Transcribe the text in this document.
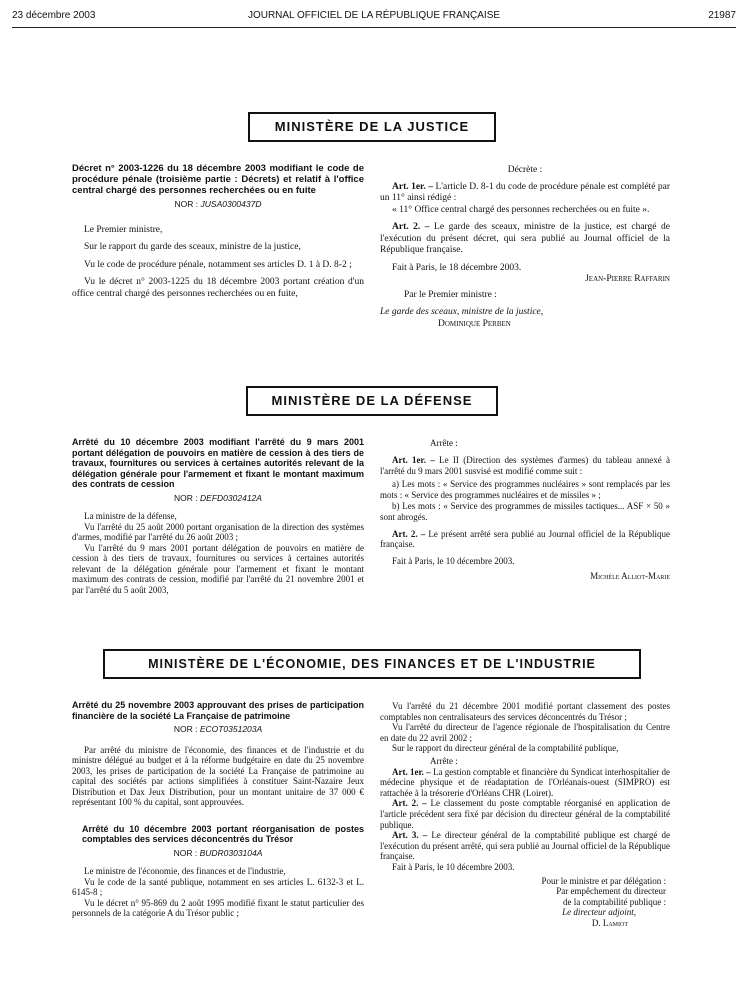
23 décembre 2003	JOURNAL OFFICIEL DE LA RÉPUBLIQUE FRANÇAISE	21987
MINISTÈRE DE LA JUSTICE

Décret n° 2003-1226 du 18 décembre 2003 modifiant le code de procédure pénale (troisième partie : Décrets) et relatif à l'office central chargé des personnes recherchées ou en fuite

NOR : JUSA0300437D

Le Premier ministre,

Sur le rapport du garde des sceaux, ministre de la justice,

Vu le code de procédure pénale, notamment ses articles D. 1 à D. 8-2 ;

Vu le décret n° 2003-1225 du 18 décembre 2003 portant création d'un office central chargé des personnes recherchées ou en fuite,

Décrète :

Art. 1er. – L'article D. 8-1 du code de procédure pénale est complété par un 11° ainsi rédigé :

« 11° Office central chargé des personnes recherchées ou en fuite ».

Art. 2. – Le garde des sceaux, ministre de la justice, est chargé de l'exécution du présent décret, qui sera publié au Journal officiel de la République française.

Fait à Paris, le 18 décembre 2003.

Jean-Pierre Raffarin
Par le Premier ministre :
Le garde des sceaux, ministre de la justice,
Dominique Perben
MINISTÈRE DE LA DÉFENSE

Arrêté du 10 décembre 2003 modifiant l'arrêté du 9 mars 2001 portant délégation de pouvoirs en matière de cession à des tiers de travaux, fournitures ou services à certaines autorités relevant de la délégation générale pour l'armement et fixant le montant maximum des contrats de cession

NOR : DEFD0302412A

La ministre de la défense,

Vu l'arrêté du 25 août 2000 portant organisation de la direction des systèmes d'armes, modifié par l'arrêté du 26 août 2003 ;

Vu l'arrêté du 9 mars 2001 portant délégation de pouvoirs en matière de cession à des tiers de travaux, fournitures ou services à certaines autorités relevant de la délégation générale pour l'armement et fixant le montant maximum des contrats de cession, modifié par l'arrêté du 21 novembre 2001 et par l'arrêté du 5 août 2003,

Arrête :

Art. 1er. – Le II (Direction des systèmes d'armes) du tableau annexé à l'arrêté du 9 mars 2001 susvisé est modifié comme suit :

a) Les mots : « Service des programmes nucléaires » sont remplacés par les mots : « Service des programmes nucléaires et de missiles » ;

b) Les mots : « Service des programmes de missiles tactiques... ASF × 50 » sont abrogés.

Art. 2. – Le présent arrêté sera publié au Journal officiel de la République française.

Fait à Paris, le 10 décembre 2003.

Michèle Alliot-Marie
MINISTÈRE DE L'ÉCONOMIE, DES FINANCES ET DE L'INDUSTRIE

Arrêté du 25 novembre 2003 approuvant des prises de participation financière de la société La Française de patrimoine

NOR : ECOT0351203A

Par arrêté du ministre de l'économie, des finances et de l'industrie et du ministre délégué au budget et à la réforme budgétaire en date du 25 novembre 2003, les prises de participation de la société La Française de patrimoine au capital des sociétés par actions simplifiées à constituer Saint-Nazaire Jeux Distribution et Dax Jeux Distribution, pour un montant unitaire de 37 000 € représentant 100 % du capital, sont approuvées.

Arrêté du 10 décembre 2003 portant réorganisation de postes comptables des services déconcentrés du Trésor

NOR : BUDR0303104A

Le ministre de l'économie, des finances et de l'industrie,

Vu le code de la santé publique, notamment en ses articles L. 6132-3 et L. 6145-8 ;

Vu le décret n° 95-869 du 2 août 1995 modifié fixant le statut particulier des personnels de la catégorie A du Trésor public ;

Vu l'arrêté du 21 décembre 2001 modifié portant classement des postes comptables non centralisateurs des services déconcentrés du Trésor ;

Vu l'arrêté du directeur de l'agence régionale de l'hospitalisation du Centre en date du 22 avril 2002 ;

Sur le rapport du directeur général de la comptabilité publique,

Arrête :

Art. 1er. – La gestion comptable et financière du Syndicat interhospitalier de médecine physique et de réadaptation de l'Orléanais-ouest (SIMPRO) est rattachée à la trésorerie d'Orléans CHR (Loiret).

Art. 2. – Le classement du poste comptable réorganisé en application de l'article précédent sera fixé par décision du directeur général de la comptabilité publique.

Art. 3. – Le directeur général de la comptabilité publique est chargé de l'exécution du présent arrêté, qui sera publié au Journal officiel de la République française.

Fait à Paris, le 10 décembre 2003.

Pour le ministre et par délégation :
Par empêchement du directeur
de la comptabilité publique :
Le directeur adjoint,
D. Lamiot
